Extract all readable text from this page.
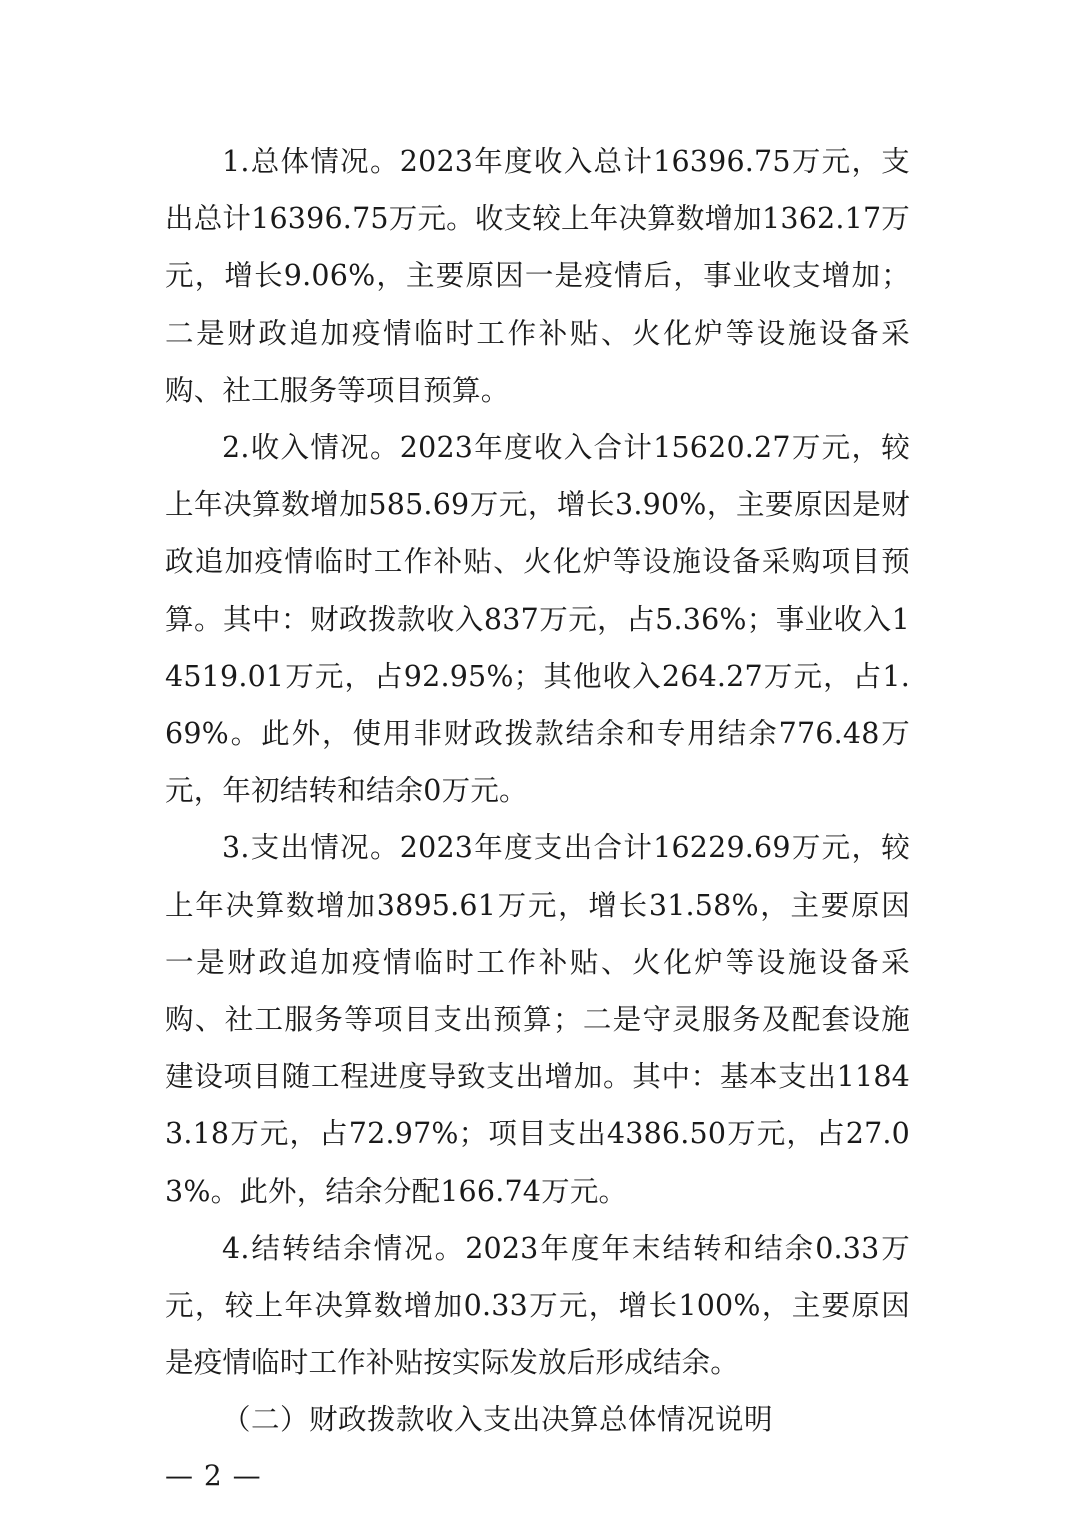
1.总体情况。2023年度收入总计16396.75万元，支出总计16396.75万元。收支较上年决算数增加1362.17万元，增长9.06%，主要原因一是疫情后，事业收支增加；二是财政追加疫情临时工作补贴、火化炉等设施设备采购、社工服务等项目预算。

2.收入情况。2023年度收入合计15620.27万元，较上年决算数增加585.69万元，增长3.90%，主要原因是财政追加疫情临时工作补贴、火化炉等设施设备采购项目预算。其中：财政拨款收入837万元，占5.36%；事业收入14519.01万元，占92.95%；其他收入264.27万元，占1.69%。此外，使用非财政拨款结余和专用结余776.48万元，年初结转和结余0万元。

3.支出情况。2023年度支出合计16229.69万元，较上年决算数增加3895.61万元，增长31.58%，主要原因一是财政追加疫情临时工作补贴、火化炉等设施设备采购、社工服务等项目支出预算；二是守灵服务及配套设施建设项目随工程进度导致支出增加。其中：基本支出11843.18万元，占72.97%；项目支出4386.50万元，占27.03%。此外，结余分配166.74万元。

4.结转结余情况。2023年度年末结转和结余0.33万元，较上年决算数增加0.33万元，增长100%，主要原因是疫情临时工作补贴按实际发放后形成结余。

（二）财政拨款收入支出决算总体情况说明

— 2 —
